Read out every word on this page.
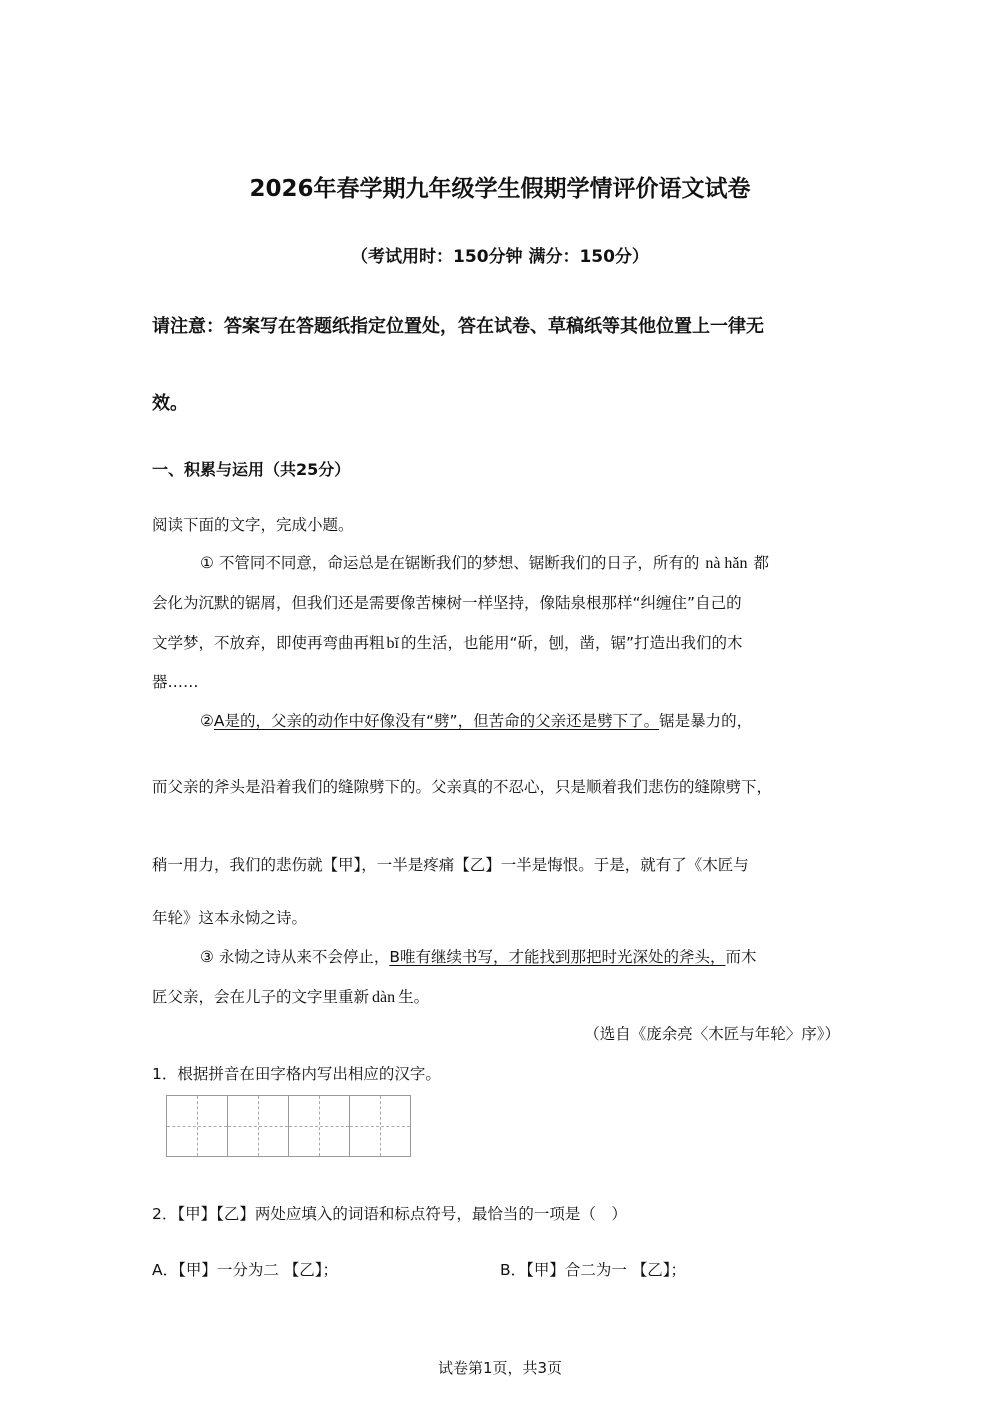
2026年春学期九年级学生假期学情评价语文试卷
（考试用时：150分钟 满分：150分）
请注意：答案写在答题纸指定位置处，答在试卷、草稿纸等其他位置上一律无
效。
一、积累与运用（共25分）
阅读下面的文字，完成小题。
① 不管同不同意，命运总是在锯断我们的梦想、锯断我们的日子，所有的 nà hǎn 都
会化为沉默的锯屑，但我们还是需要像苦楝树一样坚持，像陆泉根那样“纠缠住”自己的
文学梦，不放弃，即使再弯曲再粗 bǐ 的生活，也能用“斫，刨，凿，锯”打造出我们的木
器……
②A是的，父亲的动作中好像没有“劈”，但苦命的父亲还是劈下了。锯是暴力的，
而父亲的斧头是沿着我们的缝隙劈下的。父亲真的不忍心，只是顺着我们悲伤的缝隙劈下，
稍一用力，我们的悲伤就【甲】，一半是疼痛【乙】一半是悔恨。于是，就有了《木匠与
年轮》这本永恸之诗。
③ 永恸之诗从来不会停止，B唯有继续书写，才能找到那把时光深处的斧头，而木
匠父亲，会在儿子的文字里重新 dàn 生。
（选自《庞余亮〈木匠与年轮〉序》）
1．根据拼音在田字格内写出相应的汉字。
2．【甲】【乙】两处应填入的词语和标点符号，最恰当的一项是（　）
A．【甲】一分为二 【乙】；	B．【甲】合二为一 【乙】；
试卷第1页，共3页
